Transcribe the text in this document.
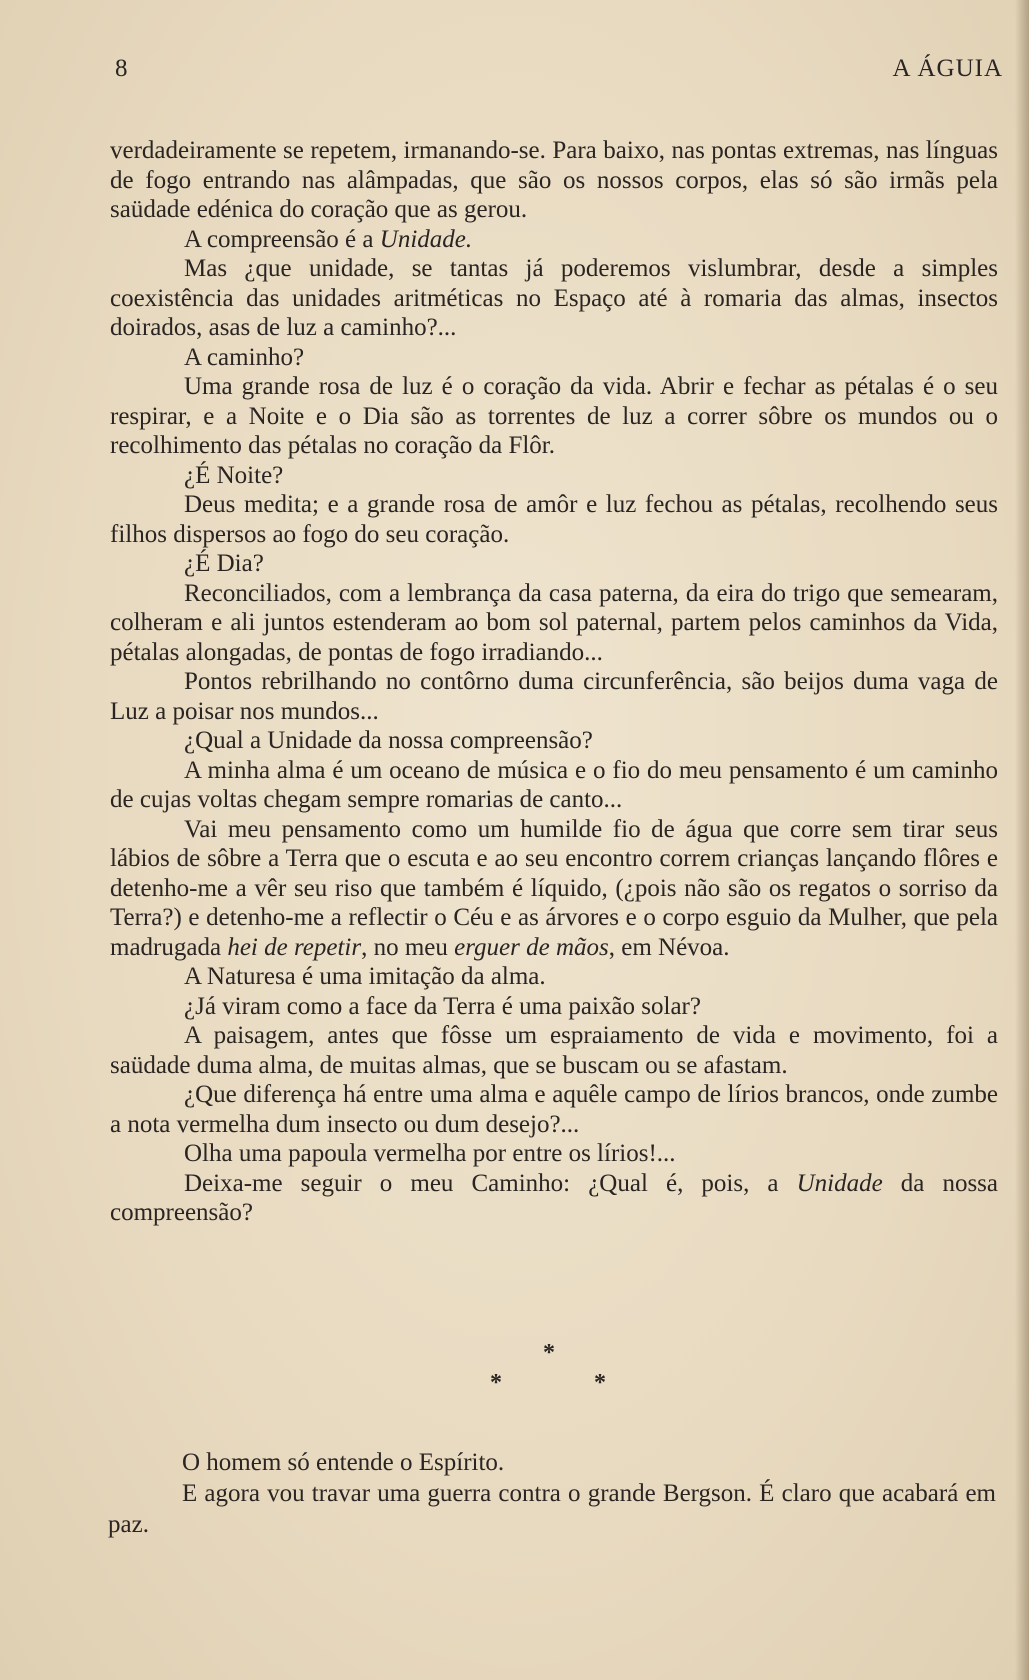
8	A ÁGUIA

verdadeiramente se repetem, irmanando-se. Para baixo, nas pontas extremas, nas línguas de fogo entrando nas alâmpadas, que são os nossos corpos, elas só são irmãs pela saüdade edénica do coração que as gerou.

A compreensão é a Unidade.

Mas ¿que unidade, se tantas já poderemos vislumbrar, desde a simples coexistência das unidades aritméticas no Espaço até à romaria das almas, insectos doirados, asas de luz a caminho?...

A caminho?

Uma grande rosa de luz é o coração da vida. Abrir e fechar as pétalas é o seu respirar, e a Noite e o Dia são as torrentes de luz a correr sôbre os mundos ou o recolhimento das pétalas no coração da Flôr.

¿É Noite?

Deus medita; e a grande rosa de amôr e luz fechou as pétalas, recolhendo seus filhos dispersos ao fogo do seu coração.

¿É Dia?

Reconciliados, com a lembrança da casa paterna, da eira do trigo que semearam, colheram e ali juntos estenderam ao bom sol paternal, partem pelos caminhos da Vida, pétalas alongadas, de pontas de fogo irradiando...

Pontos rebrilhando no contôrno duma circunferência, são beijos duma vaga de Luz a poisar nos mundos...

¿Qual a Unidade da nossa compreensão?

A minha alma é um oceano de música e o fio do meu pensamento é um caminho de cujas voltas chegam sempre romarias de canto...

Vai meu pensamento como um humilde fio de água que corre sem tirar seus lábios de sôbre a Terra que o escuta e ao seu encontro correm crianças lançando flôres e detenho-me a vêr seu riso que também é líquido, (¿pois não são os regatos o sorriso da Terra?) e detenho-me a reflectir o Céu e as árvores e o corpo esguio da Mulher, que pela madrugada hei de repetir, no meu erguer de mãos, em Névoa.

A Naturesa é uma imitação da alma.

¿Já viram como a face da Terra é uma paixão solar?

A paisagem, antes que fôsse um espraiamento de vida e movimento, foi a saüdade duma alma, de muitas almas, que se buscam ou se afastam.

¿Que diferença há entre uma alma e aquêle campo de lírios brancos, onde zumbe a nota vermelha dum insecto ou dum desejo?...

Olha uma papoula vermelha por entre os lírios!...

Deixa-me seguir o meu Caminho: ¿Qual é, pois, a Unidade da nossa compreensão?

*
*	*

O homem só entende o Espírito.

E agora vou travar uma guerra contra o grande Bergson. É claro que acabará em paz.
